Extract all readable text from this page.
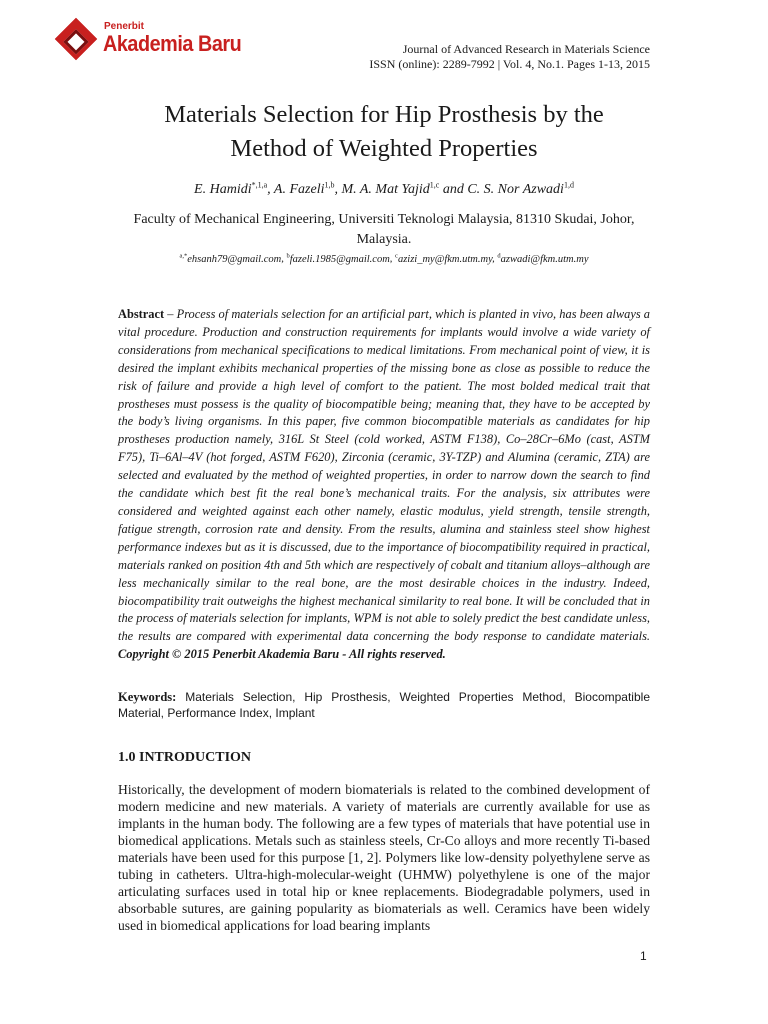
Penerbit
Akademia Baru	Journal of Advanced Research in Materials Science
ISSN (online): 2289-7992 | Vol. 4, No.1. Pages 1-13, 2015
Materials Selection for Hip Prosthesis by the
Method of Weighted Properties
E. Hamidi$^{*,1,a}$, A. Fazeli$^{1,b}$, M. A. Mat Yajid$^{1,c}$ and C. S. Nor Azwadi$^{1,d}$
Faculty of Mechanical Engineering, Universiti Teknologi Malaysia, 81310 Skudai, Johor,
Malaysia.
$^{a,*}$ehsanh79@gmail.com, $^b$fazeli.1985@gmail.com, $^c$azizi_my@fkm.utm.my, $^d$azwadi@fkm.utm.my
Abstract – Process of materials selection for an artificial part, which is planted in vivo, has been always a vital procedure. Production and construction requirements for implants would involve a wide variety of considerations from mechanical specifications to medical limitations. From mechanical point of view, it is desired the implant exhibits mechanical properties of the missing bone as close as possible to reduce the risk of failure and provide a high level of comfort to the patient. The most bolded medical trait that prostheses must possess is the quality of biocompatible being; meaning that, they have to be accepted by the body’s living organisms. In this paper, five common biocompatible materials as candidates for hip prostheses production namely, 316L St Steel (cold worked, ASTM F138), Co–28Cr–6Mo (cast, ASTM F75), Ti–6Al–4V (hot forged, ASTM F620), Zirconia (ceramic, 3Y-TZP) and Alumina (ceramic, ZTA) are selected and evaluated by the method of weighted properties, in order to narrow down the search to find the candidate which best fit the real bone’s mechanical traits. For the analysis, six attributes were considered and weighted against each other namely, elastic modulus, yield strength, tensile strength, fatigue strength, corrosion rate and density. From the results, alumina and stainless steel show highest performance indexes but as it is discussed, due to the importance of biocompatibility required in practical, materials ranked on position 4th and 5th which are respectively of cobalt and titanium alloys–although are less mechanically similar to the real bone, are the most desirable choices in the industry. Indeed, biocompatibility trait outweighs the highest mechanical similarity to real bone. It will be concluded that in the process of materials selection for implants, WPM is not able to solely predict the best candidate unless, the results are compared with experimental data concerning the body response to candidate materials. Copyright © 2015 Penerbit Akademia Baru - All rights reserved.
Keywords: Materials Selection, Hip Prosthesis, Weighted Properties Method, Biocompatible Material, Performance Index, Implant
1.0 INTRODUCTION
Historically, the development of modern biomaterials is related to the combined development of modern medicine and new materials. A variety of materials are currently available for use as implants in the human body. The following are a few types of materials that have potential use in biomedical applications. Metals such as stainless steels, Cr-Co alloys and more recently Ti-based materials have been used for this purpose [1, 2]. Polymers like low-density polyethylene serve as tubing in catheters. Ultra-high-molecular-weight (UHMW) polyethylene is one of the major articulating surfaces used in total hip or knee replacements. Biodegradable polymers, used in absorbable sutures, are gaining popularity as biomaterials as well. Ceramics have been widely used in biomedical applications for load bearing implants
1
